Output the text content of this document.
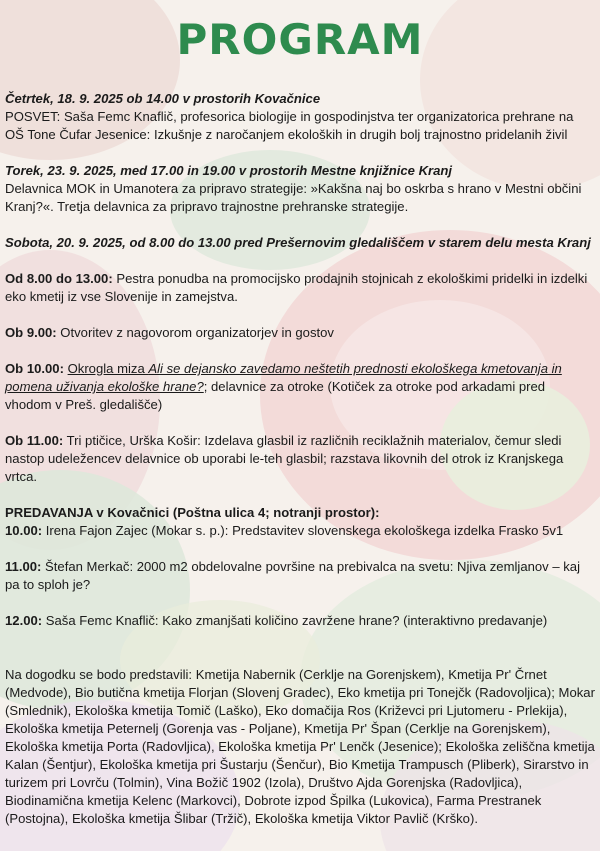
PROGRAM

Četrtek, 18. 9. 2025 ob 14.00 v prostorih Kovačnice

POSVET: Saša Femc Knaflič, profesorica biologije in gospodinjstva ter organizatorica prehrane na OŠ Tone Čufar Jesenice: Izkušnje z naročanjem ekoloških in drugih bolj trajnostno pridelanih živil

Torek, 23. 9. 2025, med 17.00 in 19.00 v prostorih Mestne knjižnice Kranj

Delavnica MOK in Umanotera za pripravo strategije: »Kakšna naj bo oskrba s hrano v Mestni občini Kranj?«. Tretja delavnica za pripravo trajnostne prehranske strategije.

Sobota, 20. 9. 2025, od 8.00 do 13.00 pred Prešernovim gledališčem v starem delu mesta Kranj

Od 8.00 do 13.00: Pestra ponudba na promocijsko prodajnih stojnicah z ekološkimi pridelki in izdelki eko kmetij iz vse Slovenije in zamejstva.

Ob 9.00: Otvoritev z nagovorom organizatorjev in gostov

Ob 10.00: Okrogla miza Ali se dejansko zavedamo neštetih prednosti ekološkega kmetovanja in pomena uživanja ekološke hrane?; delavnice za otroke (Kotiček za otroke pod arkadami pred vhodom v Preš. gledališče)

Ob 11.00: Tri ptičice, Urška Košir: Izdelava glasbil iz različnih reciklažnih materialov, čemur sledi nastop udeležencev delavnice ob uporabi le-teh glasbil; razstava likovnih del otrok iz Kranjskega vrtca.

PREDAVANJA v Kovačnici (Poštna ulica 4; notranji prostor):

10.00: Irena Fajon Zajec (Mokar s. p.): Predstavitev slovenskega ekološkega izdelka Frasko 5v1

11.00: Štefan Merkač: 2000 m2 obdelovalne površine na prebivalca na svetu: Njiva zemljanov – kaj pa to sploh je?

12.00: Saša Femc Knaflič: Kako zmanjšati količino zavržene hrane? (interaktivno predavanje)

Na dogodku se bodo predstavili: Kmetija Nabernik (Cerklje na Gorenjskem), Kmetija Pr' Črnet (Medvode), Bio butična kmetija Florjan (Slovenj Gradec), Eko kmetija pri Tonejčk (Radovoljica); Mokar (Smlednik), Ekološka kmetija Tomič (Laško), Eko domačija Ros (Križevci pri Ljutomeru - Prlekija), Ekološka kmetija Peternelj (Gorenja vas - Poljane), Kmetija Pr' Špan (Cerklje na Gorenjskem), Ekološka kmetija Porta (Radovljica), Ekološka kmetija Pr' Lenčk (Jesenice); Ekološka zeliščna kmetija Kalan (Šentjur), Ekološka kmetija pri Šustarju (Šenčur), Bio Kmetija Trampusch (Pliberk), Sirarstvo in turizem pri Lovrču (Tolmin), Vina Božič 1902 (Izola), Društvo Ajda Gorenjska (Radovljica), Biodinamična kmetija Kelenc (Markovci), Dobrote izpod Špilka (Lukovica), Farma Prestranek (Postojna), Ekološka kmetija Šlibar (Tržič), Ekološka kmetija Viktor Pavlič (Krško).
